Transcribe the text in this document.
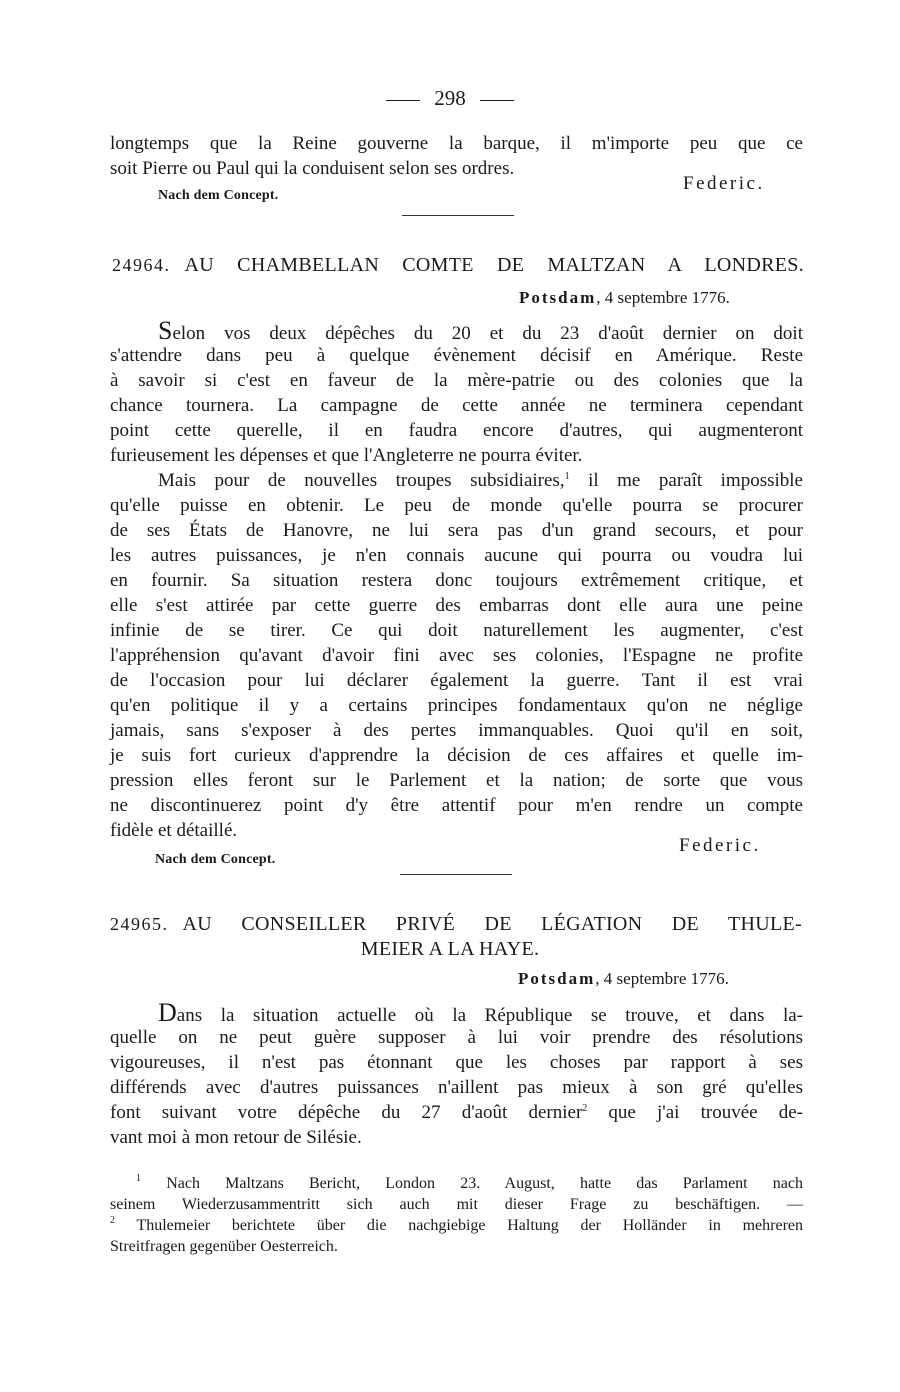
298
longtemps que la Reine gouverne la barque, il m'importe peu que ce
soit Pierre ou Paul qui la conduisent selon ses ordres.
Federic.
Nach dem Concept.
24964. AU CHAMBELLAN COMTE DE MALTZAN A LONDRES.
Potsdam, 4 septembre 1776.
Selon vos deux dépêches du 20 et du 23 d'août dernier on doit
s'attendre dans peu à quelque évènement décisif en Amérique. Reste
à savoir si c'est en faveur de la mère-patrie ou des colonies que la
chance tournera. La campagne de cette année ne terminera cependant
point cette querelle, il en faudra encore d'autres, qui augmenteront
furieusement les dépenses et que l'Angleterre ne pourra éviter.
Mais pour de nouvelles troupes subsidiaires,$^1$ il me paraît impossible
qu'elle puisse en obtenir. Le peu de monde qu'elle pourra se procurer
de ses États de Hanovre, ne lui sera pas d'un grand secours, et pour
les autres puissances, je n'en connais aucune qui pourra ou voudra lui
en fournir. Sa situation restera donc toujours extrêmement critique, et
elle s'est attirée par cette guerre des embarras dont elle aura une peine
infinie de se tirer. Ce qui doit naturellement les augmenter, c'est
l'appréhension qu'avant d'avoir fini avec ses colonies, l'Espagne ne profite
de l'occasion pour lui déclarer également la guerre. Tant il est vrai
qu'en politique il y a certains principes fondamentaux qu'on ne néglige
jamais, sans s'exposer à des pertes immanquables. Quoi qu'il en soit,
je suis fort curieux d'apprendre la décision de ces affaires et quelle im-
pression elles feront sur le Parlement et la nation; de sorte que vous
ne discontinuerez point d'y être attentif pour m'en rendre un compte
fidèle et détaillé.
Federic.
Nach dem Concept.
24965. AU CONSEILLER PRIVÉ DE LÉGATION DE THULE-
MEIER A LA HAYE.
Potsdam, 4 septembre 1776.
Dans la situation actuelle où la République se trouve, et dans la-
quelle on ne peut guère supposer à lui voir prendre des résolutions
vigoureuses, il n'est pas étonnant que les choses par rapport à ses
différends avec d'autres puissances n'aillent pas mieux à son gré qu'elles
font suivant votre dépêche du 27 d'août dernier$^2$ que j'ai trouvée de-
vant moi à mon retour de Silésie.
$^1$ Nach Maltzans Bericht, London 23. August, hatte das Parlament nach
seinem Wiederzusammentritt sich auch mit dieser Frage zu beschäftigen. —
$^2$ Thulemeier berichtete über die nachgiebige Haltung der Holländer in mehreren
Streitfragen gegenüber Oesterreich.
